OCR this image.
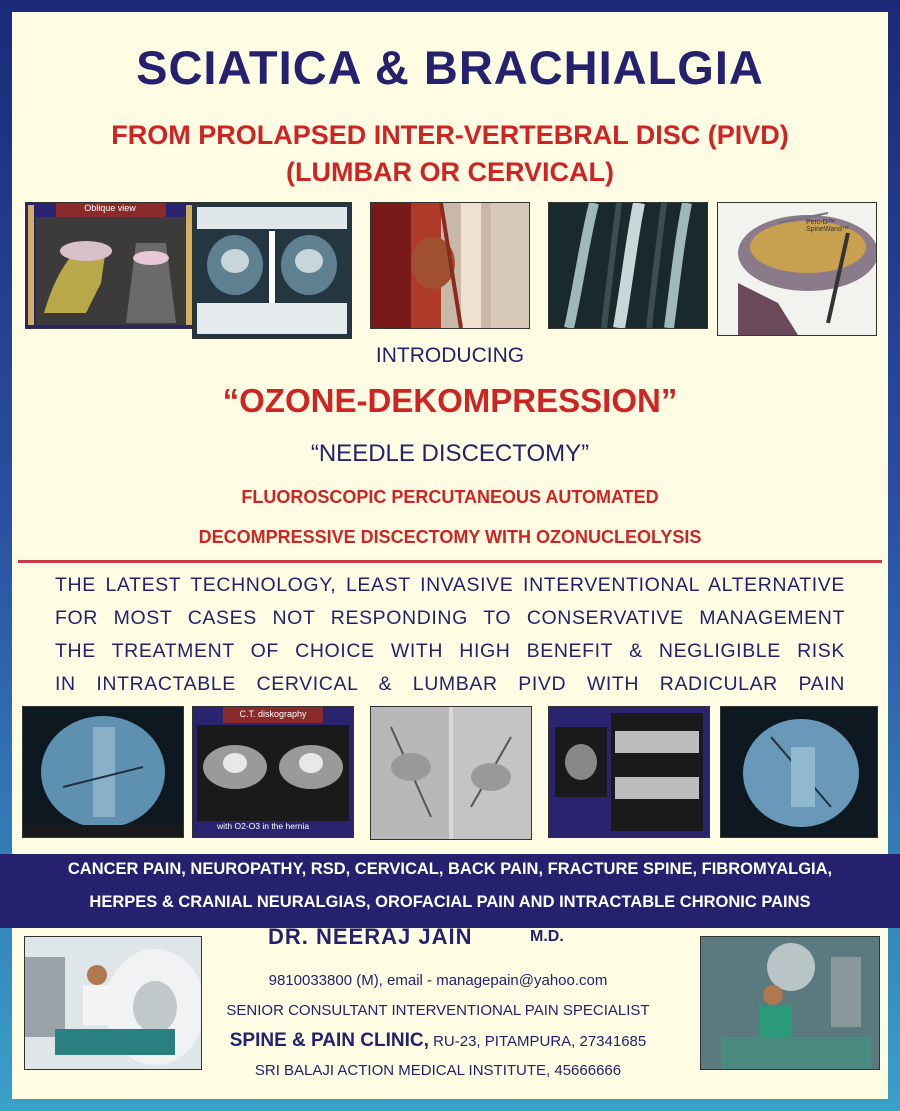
SCIATICA & BRACHIALGIA
FROM PROLAPSED INTER-VERTEBRAL DISC (PIVD)
(LUMBAR OR CERVICAL)
Oblique view
Perc-D™ SpineWand™
INTRODUCING
“OZONE-DEKOMPRESSION”
“NEEDLE DISCECTOMY”
FLUOROSCOPIC PERCUTANEOUS AUTOMATED
DECOMPRESSIVE DISCECTOMY WITH OZONUCLEOLYSIS
THE LATEST TECHNOLOGY, LEAST INVASIVE INTERVENTIONAL ALTERNATIVE
FOR MOST CASES NOT RESPONDING TO CONSERVATIVE MANAGEMENT
THE TREATMENT OF CHOICE WITH HIGH BENEFIT & NEGLIGIBLE RISK
IN INTRACTABLE CERVICAL & LUMBAR PIVD WITH RADICULAR PAIN
C.T. diskography
with O2-O3 in the hernia
CANCER PAIN, NEUROPATHY, RSD, CERVICAL, BACK PAIN, FRACTURE SPINE, FIBROMYALGIA,
HERPES & CRANIAL NEURALGIAS, OROFACIAL PAIN AND INTRACTABLE CHRONIC PAINS
DR. NEERAJ JAIN	M.D.
9810033800 (M), email - managepain@yahoo.com
SENIOR CONSULTANT INTERVENTIONAL PAIN SPECIALIST
SPINE & PAIN CLINIC, RU-23, PITAMPURA, 27341685
SRI BALAJI ACTION MEDICAL INSTITUTE, 45666666
